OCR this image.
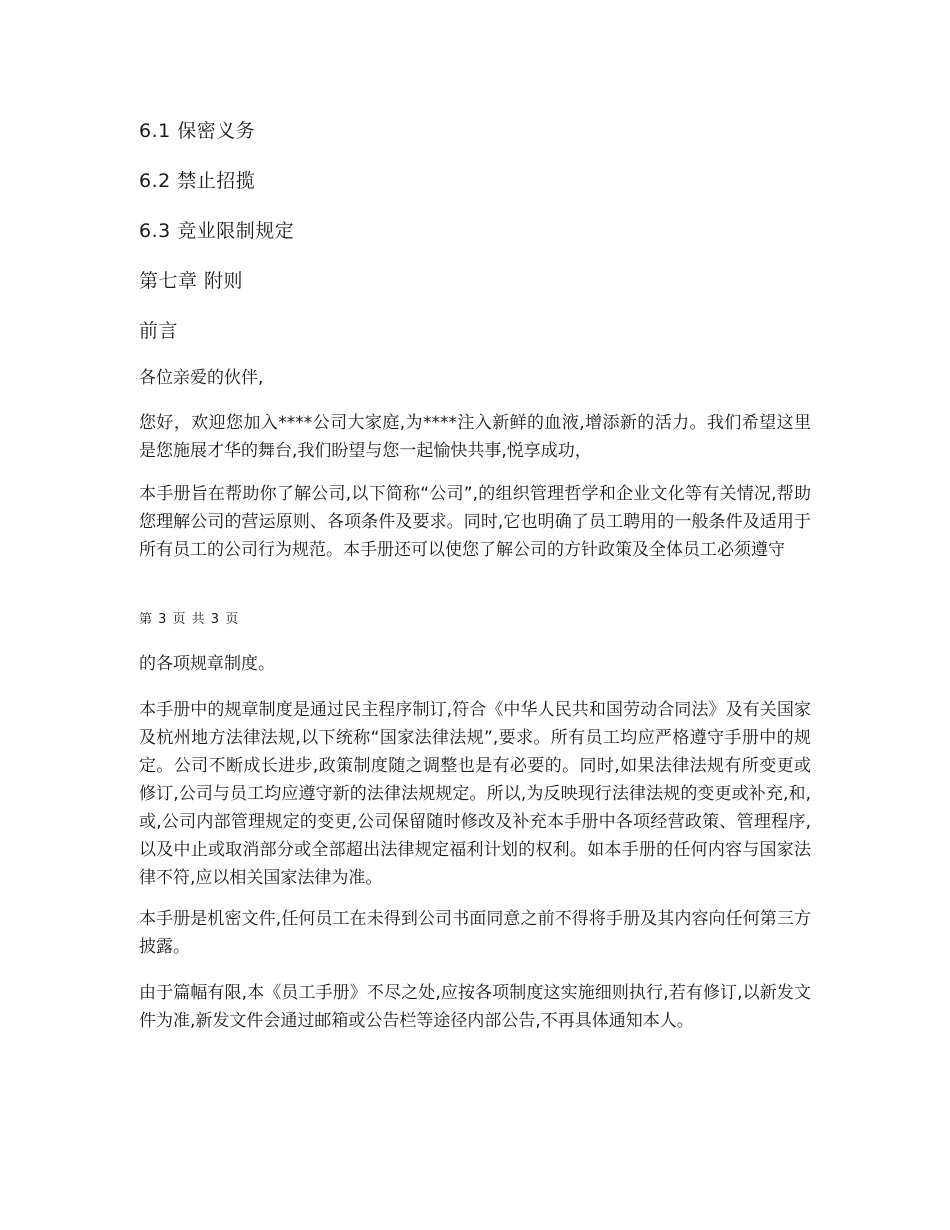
6.1 保密义务
6.2 禁止招揽
6.3 竞业限制规定
第七章 附则
前言
各位亲爱的伙伴,
您好，欢迎您加入****公司大家庭,为****注入新鲜的血液,增添新的活力。我们希望这里是您施展才华的舞台,我们盼望与您一起愉快共事,悦享成功，
本手册旨在帮助你了解公司,以下简称“公司”,的组织管理哲学和企业文化等有关情况,帮助您理解公司的营运原则、各项条件及要求。同时,它也明确了员工聘用的一般条件及适用于所有员工的公司行为规范。本手册还可以使您了解公司的方针政策及全体员工必须遵守
第 3 页 共 3 页
的各项规章制度。
本手册中的规章制度是通过民主程序制订,符合《中华人民共和国劳动合同法》及有关国家及杭州地方法律法规,以下统称“国家法律法规”,要求。所有员工均应严格遵守手册中的规定。公司不断成长进步,政策制度随之调整也是有必要的。同时,如果法律法规有所变更或修订,公司与员工均应遵守新的法律法规规定。所以,为反映现行法律法规的变更或补充,和,或,公司内部管理规定的变更,公司保留随时修改及补充本手册中各项经营政策、管理程序,以及中止或取消部分或全部超出法律规定福利计划的权利。如本手册的任何内容与国家法律不符,应以相关国家法律为准。
本手册是机密文件,任何员工在未得到公司书面同意之前不得将手册及其内容向任何第三方披露。
由于篇幅有限,本《员工手册》不尽之处,应按各项制度这实施细则执行,若有修订,以新发文件为准,新发文件会通过邮箱或公告栏等途径内部公告,不再具体通知本人。
